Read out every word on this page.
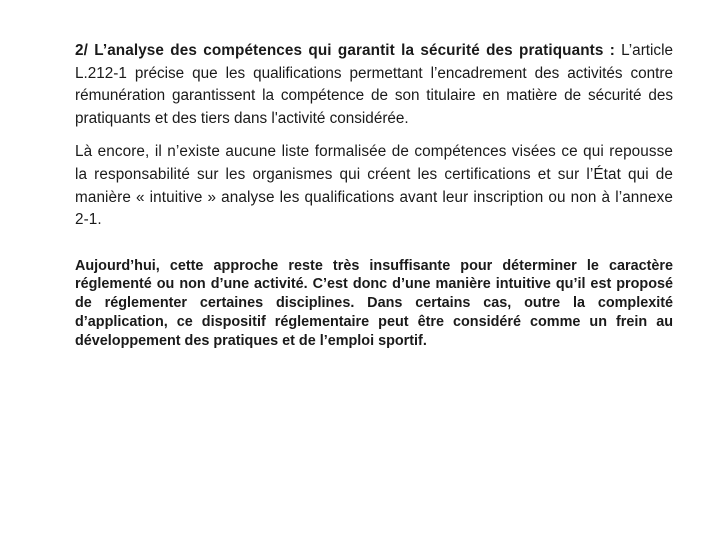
2/ L’analyse des compétences qui garantit la sécurité des pratiquants : L’article L.212-1 précise que les qualifications permettant l’encadrement des activités contre rémunération garantissent la compétence de son titulaire en matière de sécurité des pratiquants et des tiers dans l'activité considérée.

Là encore, il n’existe aucune liste formalisée de compétences visées ce qui repousse la responsabilité sur les organismes qui créent les certifications et sur l’État qui de manière « intuitive » analyse les qualifications avant leur inscription ou non à l’annexe 2-1.

Aujourd’hui, cette approche reste très insuffisante pour déterminer le caractère réglementé ou non d’une activité. C’est donc d’une manière intuitive qu’il est proposé de réglementer certaines disciplines. Dans certains cas, outre la complexité d’application, ce dispositif réglementaire peut être considéré comme un frein au développement des pratiques et de l’emploi sportif.
